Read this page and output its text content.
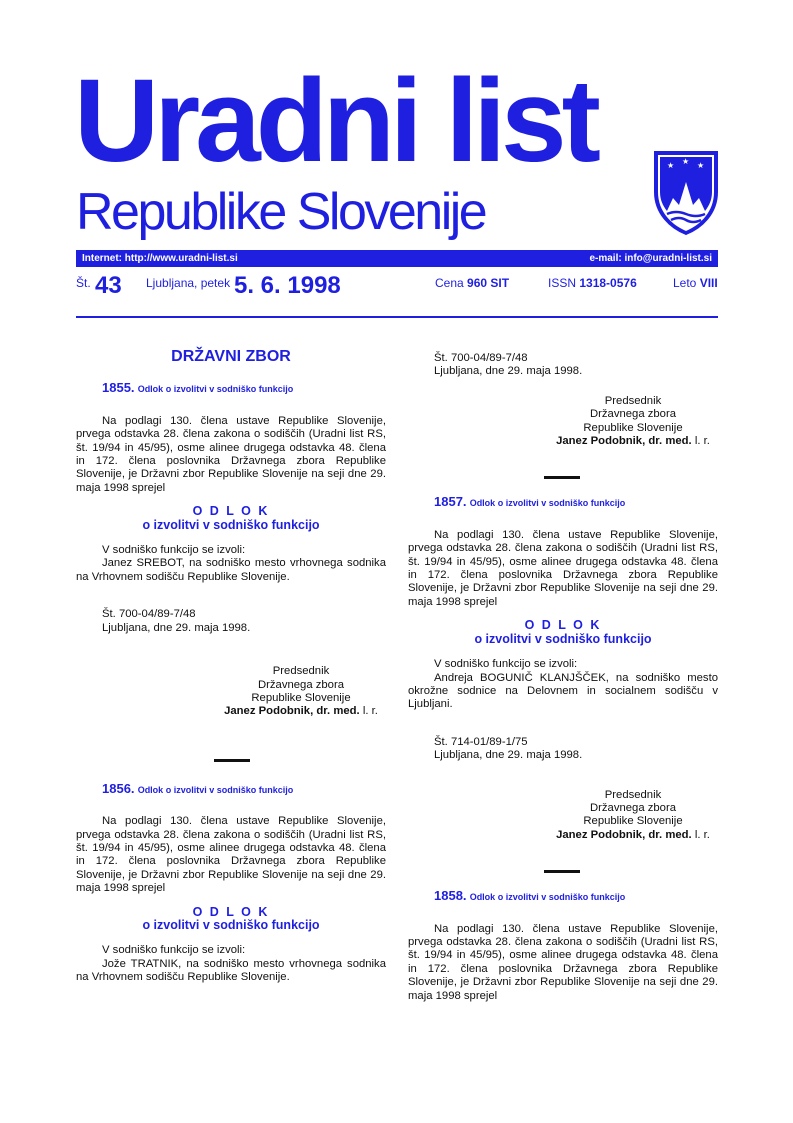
Uradni list
Republike Slovenije
★ ★ ★
Internet: http://www.uradni-list.si	e-mail: info@uradni-list.si
Št. 43 Ljubljana, petek 5. 6. 1998	Cena 960 SIT	ISSN 1318-0576	Leto VIII
DRŽAVNI ZBOR
1855. Odlok o izvolitvi v sodniško funkcijo

Na podlagi 130. člena ustave Republike Slovenije, prvega odstavka 28. člena zakona o sodiščih (Uradni list RS, št. 19/94 in 45/95), osme alinee drugega odstavka 48. člena in 172. člena poslovnika Državnega zbora Republike Slovenije, je Državni zbor Republike Slovenije na seji dne 29. maja 1998 sprejel

O D L O K
o izvolitvi v sodniško funkcijo
V sodniško funkcijo se izvoli:
Janez SREBOT, na sodniško mesto vrhovnega sodnika na Vrhovnem sodišču Republike Slovenije.
Št. 700-04/89-7/48
Ljubljana, dne 29. maja 1998.
Predsednik
Državnega zbora
Republike Slovenije
Janez Podobnik, dr. med. l. r.
1856. Odlok o izvolitvi v sodniško funkcijo

Na podlagi 130. člena ustave Republike Slovenije, prvega odstavka 28. člena zakona o sodiščih (Uradni list RS, št. 19/94 in 45/95), osme alinee drugega odstavka 48. člena in 172. člena poslovnika Državnega zbora Republike Slovenije, je Državni zbor Republike Slovenije na seji dne 29. maja 1998 sprejel

O D L O K
o izvolitvi v sodniško funkcijo
V sodniško funkcijo se izvoli:
Jože TRATNIK, na sodniško mesto vrhovnega sodnika na Vrhovnem sodišču Republike Slovenije.
Št. 700-04/89-7/48
Ljubljana, dne 29. maja 1998.
Predsednik
Državnega zbora
Republike Slovenije
Janez Podobnik, dr. med. l. r.
1857. Odlok o izvolitvi v sodniško funkcijo

Na podlagi 130. člena ustave Republike Slovenije, prvega odstavka 28. člena zakona o sodiščih (Uradni list RS, št. 19/94 in 45/95), osme alinee drugega odstavka 48. člena in 172. člena poslovnika Državnega zbora Republike Slovenije, je Državni zbor Republike Slovenije na seji dne 29. maja 1998 sprejel

O D L O K
o izvolitvi v sodniško funkcijo
V sodniško funkcijo se izvoli:
Andreja BOGUNIČ KLANJŠČEK, na sodniško mesto okrožne sodnice na Delovnem in socialnem sodišču v Ljubljani.
Št. 714-01/89-1/75
Ljubljana, dne 29. maja 1998.
Predsednik
Državnega zbora
Republike Slovenije
Janez Podobnik, dr. med. l. r.
1858. Odlok o izvolitvi v sodniško funkcijo

Na podlagi 130. člena ustave Republike Slovenije, prvega odstavka 28. člena zakona o sodiščih (Uradni list RS, št. 19/94 in 45/95), osme alinee drugega odstavka 48. člena in 172. člena poslovnika Državnega zbora Republike Slovenije, je Državni zbor Republike Slovenije na seji dne 29. maja 1998 sprejel
